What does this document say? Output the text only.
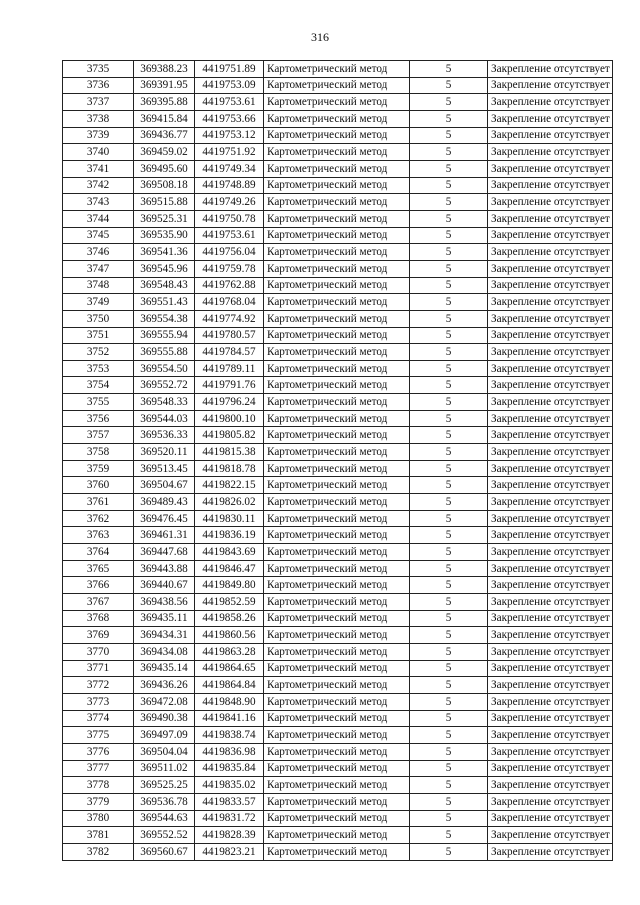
316
3735	369388.23	4419751.89	Картометрический метод	5	Закрепление отсутствует
3736	369391.95	4419753.09	Картометрический метод	5	Закрепление отсутствует
3737	369395.88	4419753.61	Картометрический метод	5	Закрепление отсутствует
3738	369415.84	4419753.66	Картометрический метод	5	Закрепление отсутствует
3739	369436.77	4419753.12	Картометрический метод	5	Закрепление отсутствует
3740	369459.02	4419751.92	Картометрический метод	5	Закрепление отсутствует
3741	369495.60	4419749.34	Картометрический метод	5	Закрепление отсутствует
3742	369508.18	4419748.89	Картометрический метод	5	Закрепление отсутствует
3743	369515.88	4419749.26	Картометрический метод	5	Закрепление отсутствует
3744	369525.31	4419750.78	Картометрический метод	5	Закрепление отсутствует
3745	369535.90	4419753.61	Картометрический метод	5	Закрепление отсутствует
3746	369541.36	4419756.04	Картометрический метод	5	Закрепление отсутствует
3747	369545.96	4419759.78	Картометрический метод	5	Закрепление отсутствует
3748	369548.43	4419762.88	Картометрический метод	5	Закрепление отсутствует
3749	369551.43	4419768.04	Картометрический метод	5	Закрепление отсутствует
3750	369554.38	4419774.92	Картометрический метод	5	Закрепление отсутствует
3751	369555.94	4419780.57	Картометрический метод	5	Закрепление отсутствует
3752	369555.88	4419784.57	Картометрический метод	5	Закрепление отсутствует
3753	369554.50	4419789.11	Картометрический метод	5	Закрепление отсутствует
3754	369552.72	4419791.76	Картометрический метод	5	Закрепление отсутствует
3755	369548.33	4419796.24	Картометрический метод	5	Закрепление отсутствует
3756	369544.03	4419800.10	Картометрический метод	5	Закрепление отсутствует
3757	369536.33	4419805.82	Картометрический метод	5	Закрепление отсутствует
3758	369520.11	4419815.38	Картометрический метод	5	Закрепление отсутствует
3759	369513.45	4419818.78	Картометрический метод	5	Закрепление отсутствует
3760	369504.67	4419822.15	Картометрический метод	5	Закрепление отсутствует
3761	369489.43	4419826.02	Картометрический метод	5	Закрепление отсутствует
3762	369476.45	4419830.11	Картометрический метод	5	Закрепление отсутствует
3763	369461.31	4419836.19	Картометрический метод	5	Закрепление отсутствует
3764	369447.68	4419843.69	Картометрический метод	5	Закрепление отсутствует
3765	369443.88	4419846.47	Картометрический метод	5	Закрепление отсутствует
3766	369440.67	4419849.80	Картометрический метод	5	Закрепление отсутствует
3767	369438.56	4419852.59	Картометрический метод	5	Закрепление отсутствует
3768	369435.11	4419858.26	Картометрический метод	5	Закрепление отсутствует
3769	369434.31	4419860.56	Картометрический метод	5	Закрепление отсутствует
3770	369434.08	4419863.28	Картометрический метод	5	Закрепление отсутствует
3771	369435.14	4419864.65	Картометрический метод	5	Закрепление отсутствует
3772	369436.26	4419864.84	Картометрический метод	5	Закрепление отсутствует
3773	369472.08	4419848.90	Картометрический метод	5	Закрепление отсутствует
3774	369490.38	4419841.16	Картометрический метод	5	Закрепление отсутствует
3775	369497.09	4419838.74	Картометрический метод	5	Закрепление отсутствует
3776	369504.04	4419836.98	Картометрический метод	5	Закрепление отсутствует
3777	369511.02	4419835.84	Картометрический метод	5	Закрепление отсутствует
3778	369525.25	4419835.02	Картометрический метод	5	Закрепление отсутствует
3779	369536.78	4419833.57	Картометрический метод	5	Закрепление отсутствует
3780	369544.63	4419831.72	Картометрический метод	5	Закрепление отсутствует
3781	369552.52	4419828.39	Картометрический метод	5	Закрепление отсутствует
3782	369560.67	4419823.21	Картометрический метод	5	Закрепление отсутствует
